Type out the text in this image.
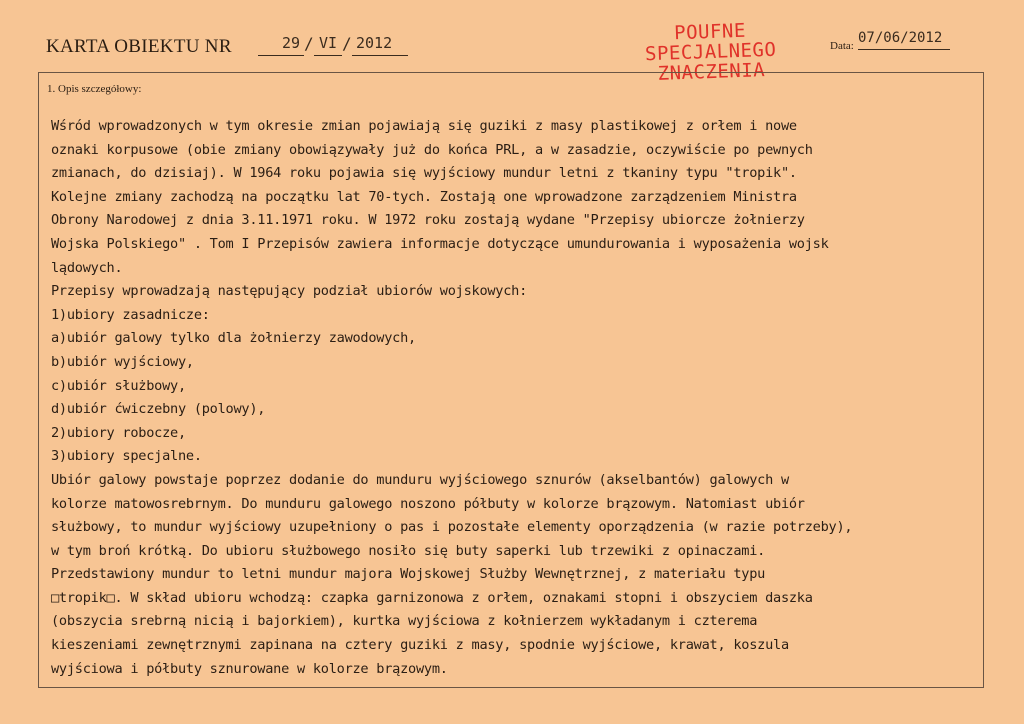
KARTA OBIEKTU NR	29 / VI / 2012	POUFNE
SPECJALNEGO
ZNACZENIA
Data: 07/06/2012
1. Opis szczegółowy:
Wśród wprowadzonych w tym okresie zmian pojawiają się guziki z masy plastikowej z orłem i nowe
oznaki korpusowe (obie zmiany obowiązywały już do końca PRL, a w zasadzie, oczywiście po pewnych
zmianach, do dzisiaj). W 1964 roku pojawia się wyjściowy mundur letni z tkaniny typu "tropik".
Kolejne zmiany zachodzą na początku lat 70-tych. Zostają one wprowadzone zarządzeniem Ministra
Obrony Narodowej z dnia 3.11.1971 roku. W 1972 roku zostają wydane "Przepisy ubiorcze żołnierzy
Wojska Polskiego" . Tom I Przepisów zawiera informacje dotyczące umundurowania i wyposażenia wojsk
lądowych.
Przepisy wprowadzają następujący podział ubiorów wojskowych:
1)ubiory zasadnicze:
a)ubiór galowy tylko dla żołnierzy zawodowych,
b)ubiór wyjściowy,
c)ubiór służbowy,
d)ubiór ćwiczebny (polowy),
2)ubiory robocze,
3)ubiory specjalne.
Ubiór galowy powstaje poprzez dodanie do munduru wyjściowego sznurów (akselbantów) galowych w
kolorze matowosrebrnym. Do munduru galowego noszono półbuty w kolorze brązowym. Natomiast ubiór
służbowy, to mundur wyjściowy uzupełniony o pas i pozostałe elementy oporządzenia (w razie potrzeby),
w tym broń krótką. Do ubioru służbowego nosiło się buty saperki lub trzewiki z opinaczami.
Przedstawiony mundur to letni mundur majora Wojskowej Służby Wewnętrznej, z materiału typu
□tropik□. W skład ubioru wchodzą: czapka garnizonowa z orłem, oznakami stopni i obszyciem daszka
(obszycia srebrną nicią i bajorkiem), kurtka wyjściowa z kołnierzem wykładanym i czterema
kieszeniami zewnętrznymi zapinana na cztery guziki z masy, spodnie wyjściowe, krawat, koszula
wyjściowa i półbuty sznurowane w kolorze brązowym.
